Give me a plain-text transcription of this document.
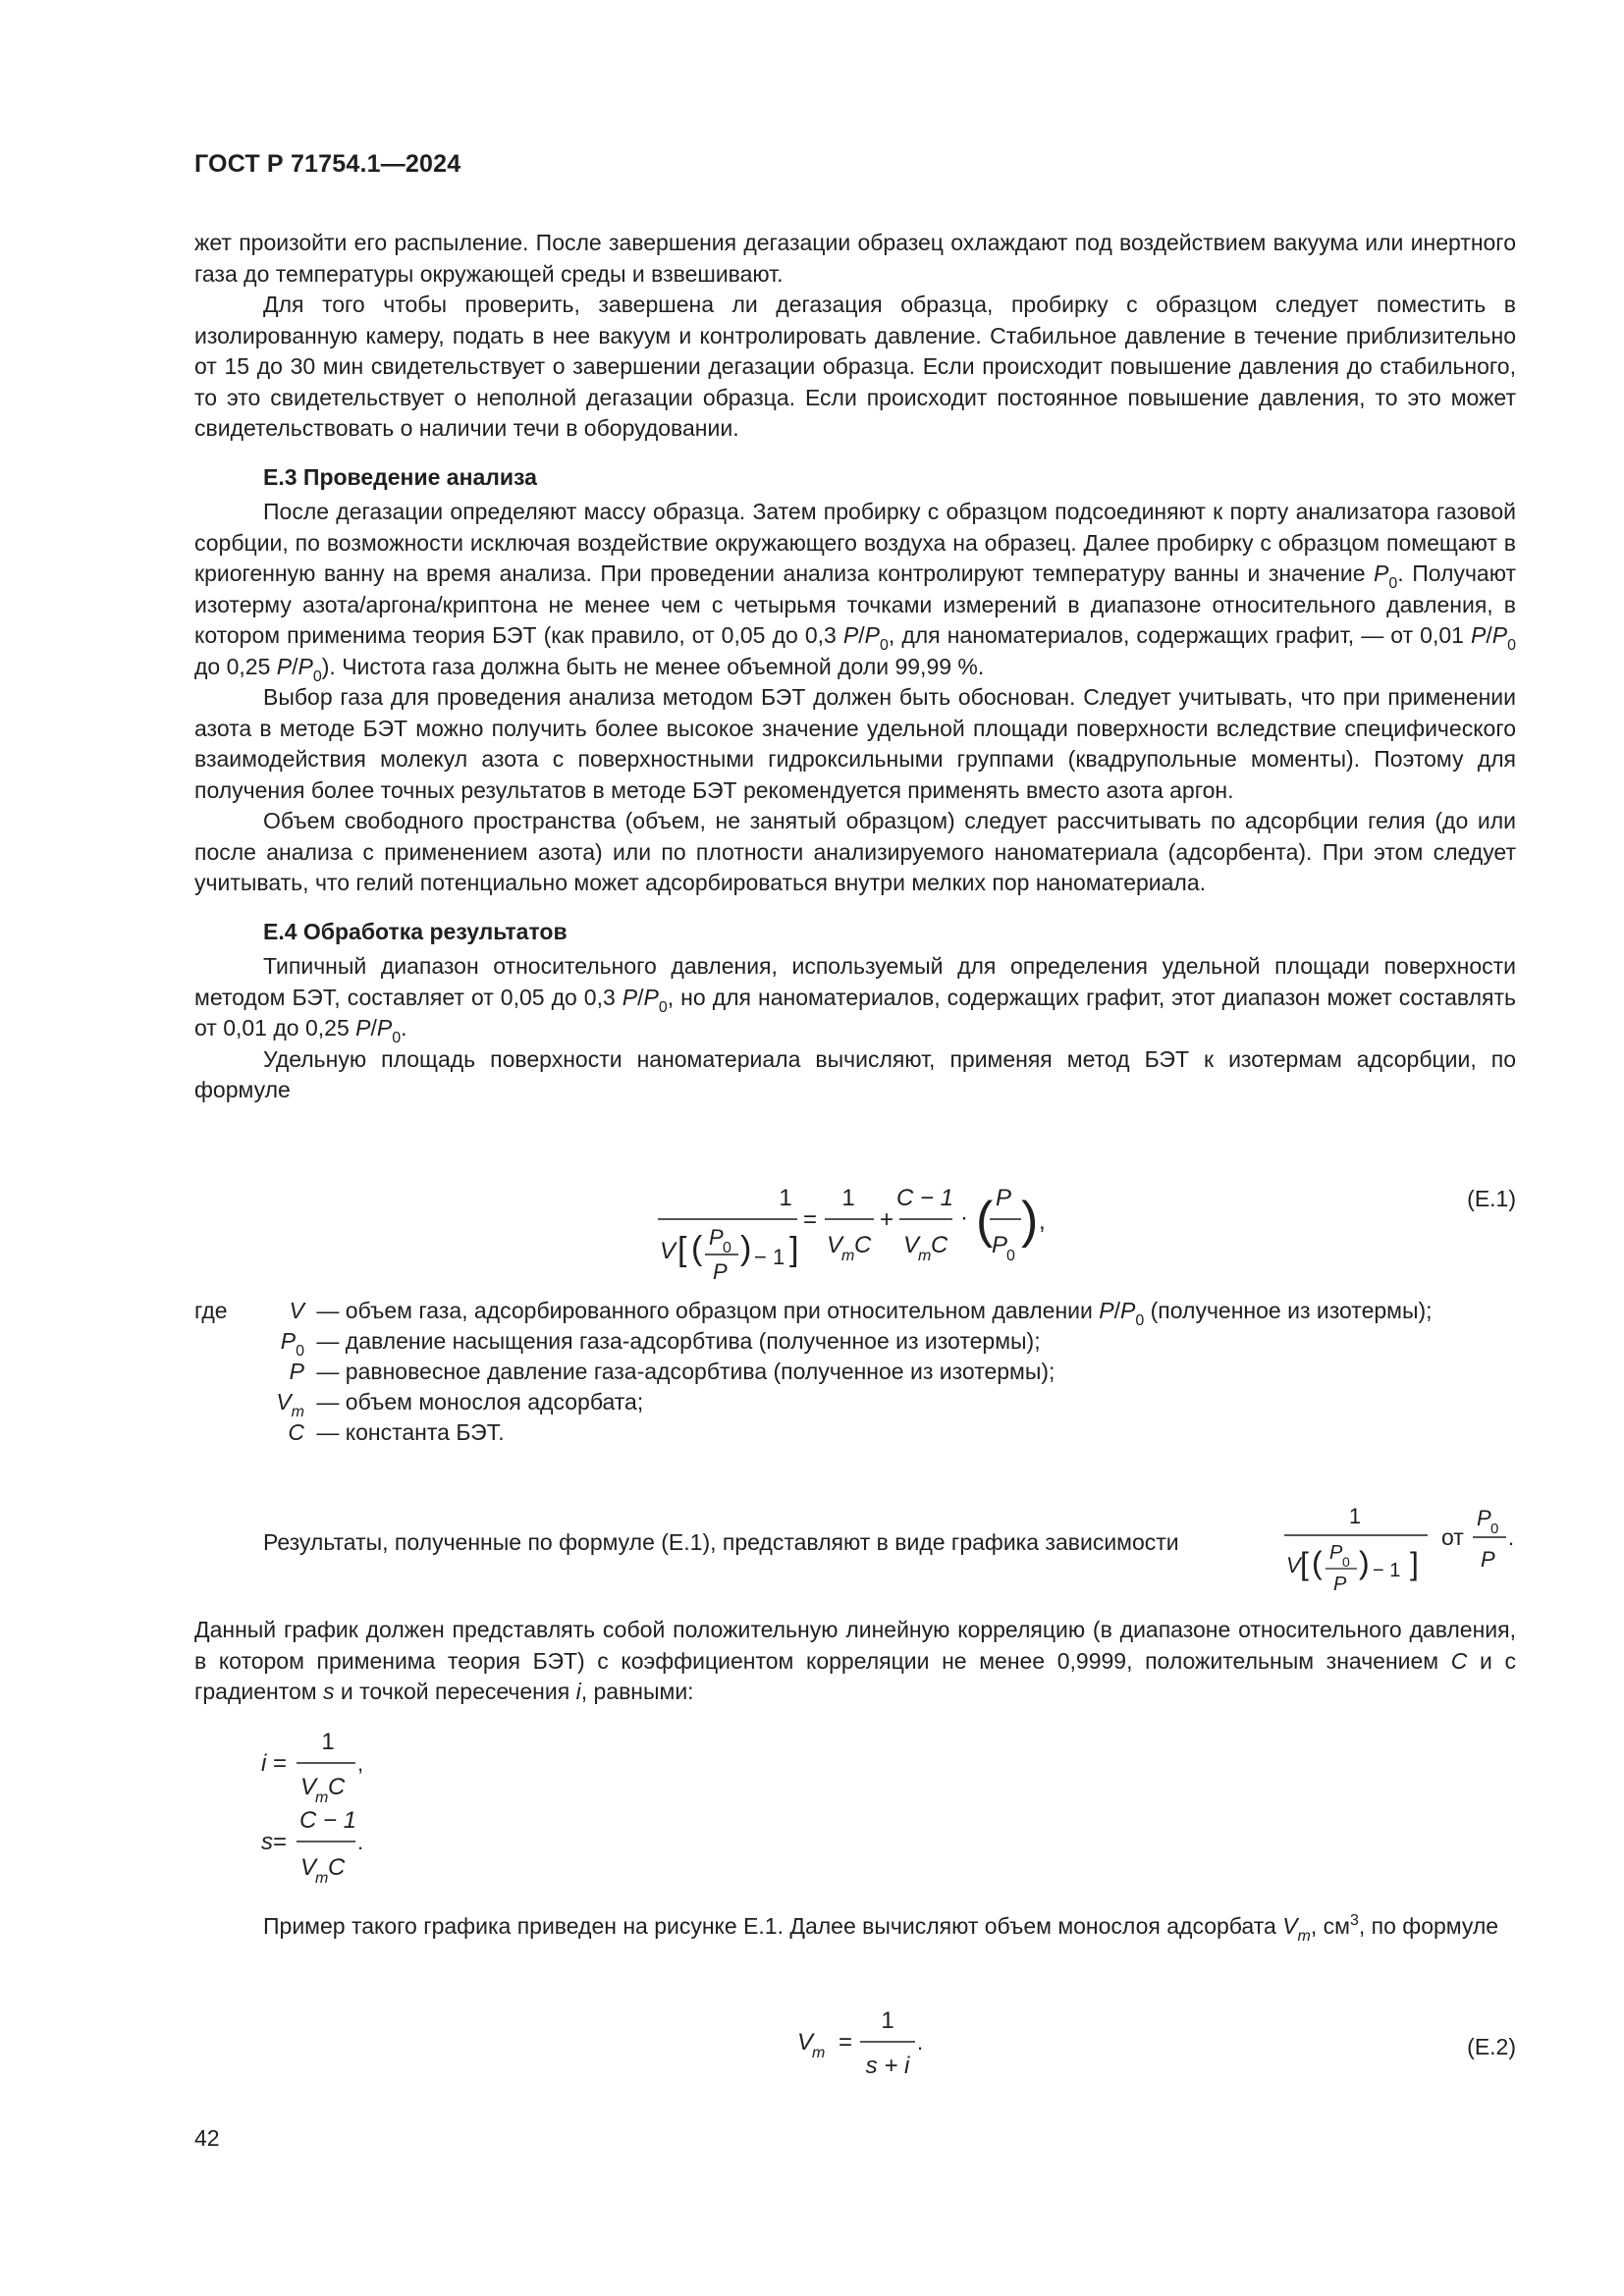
ГОСТ Р 71754.1—2024

жет произойти его распыление. После завершения дегазации образец охлаждают под воздействием вакуума или инертного газа до температуры окружающей среды и взвешивают.

Для того чтобы проверить, завершена ли дегазация образца, пробирку с образцом следует поместить в изолированную камеру, подать в нее вакуум и контролировать давление. Стабильное давление в течение приблизительно от 15 до 30 мин свидетельствует о завершении дегазации образца. Если происходит повышение давления до стабильного, то это свидетельствует о неполной дегазации образца. Если происходит постоянное повышение давления, то это может свидетельствовать о наличии течи в оборудовании.

Е.3 Проведение анализа

После дегазации определяют массу образца. Затем пробирку с образцом подсоединяют к порту анализатора газовой сорбции, по возможности исключая воздействие окружающего воздуха на образец. Далее пробирку с образцом помещают в криогенную ванну на время анализа. При проведении анализа контролируют температуру ванны и значение $P_0$. Получают изотерму азота/аргона/криптона не менее чем с четырьмя точками измерений в диапазоне относительного давления, в котором применима теория БЭТ (как правило, от 0,05 до 0,3 $P/P_0$, для наноматериалов, содержащих графит, — от 0,01 $P/P_0$ до 0,25 $P/P_0$). Чистота газа должна быть не менее объемной доли 99,99 %.

Выбор газа для проведения анализа методом БЭТ должен быть обоснован. Следует учитывать, что при применении азота в методе БЭТ можно получить более высокое значение удельной площади поверхности вследствие специфического взаимодействия молекул азота с поверхностными гидроксильными группами (квадрупольные моменты). Поэтому для получения более точных результатов в методе БЭТ рекомендуется применять вместо азота аргон.

Объем свободного пространства (объем, не занятый образцом) следует рассчитывать по адсорбции гелия (до или после анализа с применением азота) или по плотности анализируемого наноматериала (адсорбента). При этом следует учитывать, что гелий потенциально может адсорбироваться внутри мелких пор наноматериала.

Е.4 Обработка результатов

Типичный диапазон относительного давления, используемый для определения удельной площади поверхности методом БЭТ, составляет от 0,05 до 0,3 $P/P_0$, но для наноматериалов, содержащих графит, этот диапазон может составлять от 0,01 до 0,25 $P/P_0$.

Удельную площадь поверхности наноматериала вычисляют, применяя метод БЭТ к изотермам адсорбции, по формуле

1
V [ ( P 0
P
) − 1 ]
=
1
V
m C
+
C − 1
V
m C
· ( P
P
0
) ,
(Е.1)
где	V — объем газа, адсорбированного образцом при относительном давлении $P/P_0$ (полученное из изотермы);
$P_0$ — давление насыщения газа-адсорбтива (полученное из изотермы);
P — равновесное давление газа-адсорбтива (полученное из изотермы);
$V_m$ — объем монослоя адсорбата;
C — константа БЭТ.
Результаты, полученные по формуле (Е.1), представляют в виде графика зависимости
1
V [ ( P 0
P
) − 1 ]
от
P 0
P
.

Данный график должен представлять собой положительную линейную корреляцию (в диапазоне относительного давления, в котором применима теория БЭТ) с коэффициентом корреляции не менее 0,9999, положительным значением C и с градиентом s и точкой пересечения i, равными:

i =
1
V
m C
,
s =
C − 1
V
m C
.

Пример такого графика приведен на рисунке Е.1. Далее вычисляют объем монослоя адсорбата $V_m$, $см^3$, по формуле

V
m =
1
s + i
.	(Е.2)
42
